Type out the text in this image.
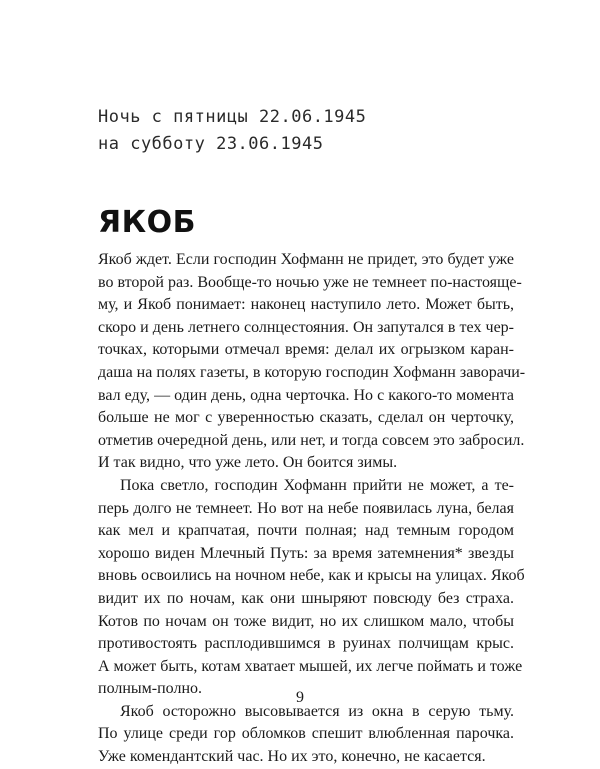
Ночь с пятницы 22.06.1945
на субботу 23.06.1945
ЯКОБ
Якоб ждет. Если господин Хофманн не придет, это будет уже
во второй раз. Вообще-то ночью уже не темнеет по-настояще-
му, и Якоб понимает: наконец наступило лето. Может быть,
скоро и день летнего солнцестояния. Он запутался в тех чер-
точках, которыми отмечал время: делал их огрызком каран-
даша на полях газеты, в которую господин Хофманн заворачи-
вал еду, — один день, одна черточка. Но с какого-то момента
больше не мог с уверенностью сказать, сделал он черточку,
отметив очередной день, или нет, и тогда совсем это забросил.
И так видно, что уже лето. Он боится зимы.
Пока светло, господин Хофманн прийти не может, а те-
перь долго не темнеет. Но вот на небе появилась луна, белая
как мел и крапчатая, почти полная; над темным городом
хорошо виден Млечный Путь: за время затемнения* звезды
вновь освоились на ночном небе, как и крысы на улицах. Якоб
видит их по ночам, как они шныряют повсюду без страха.
Котов по ночам он тоже видит, но их слишком мало, чтобы
противостоять расплодившимся в руинах полчищам крыс.
А может быть, котам хватает мышей, их легче поймать и тоже
полным-полно.
Якоб осторожно высовывается из окна в серую тьму.
По улице среди гор обломков спешит влюбленная парочка.
Уже комендантский час. Но их это, конечно, не касается.
9
